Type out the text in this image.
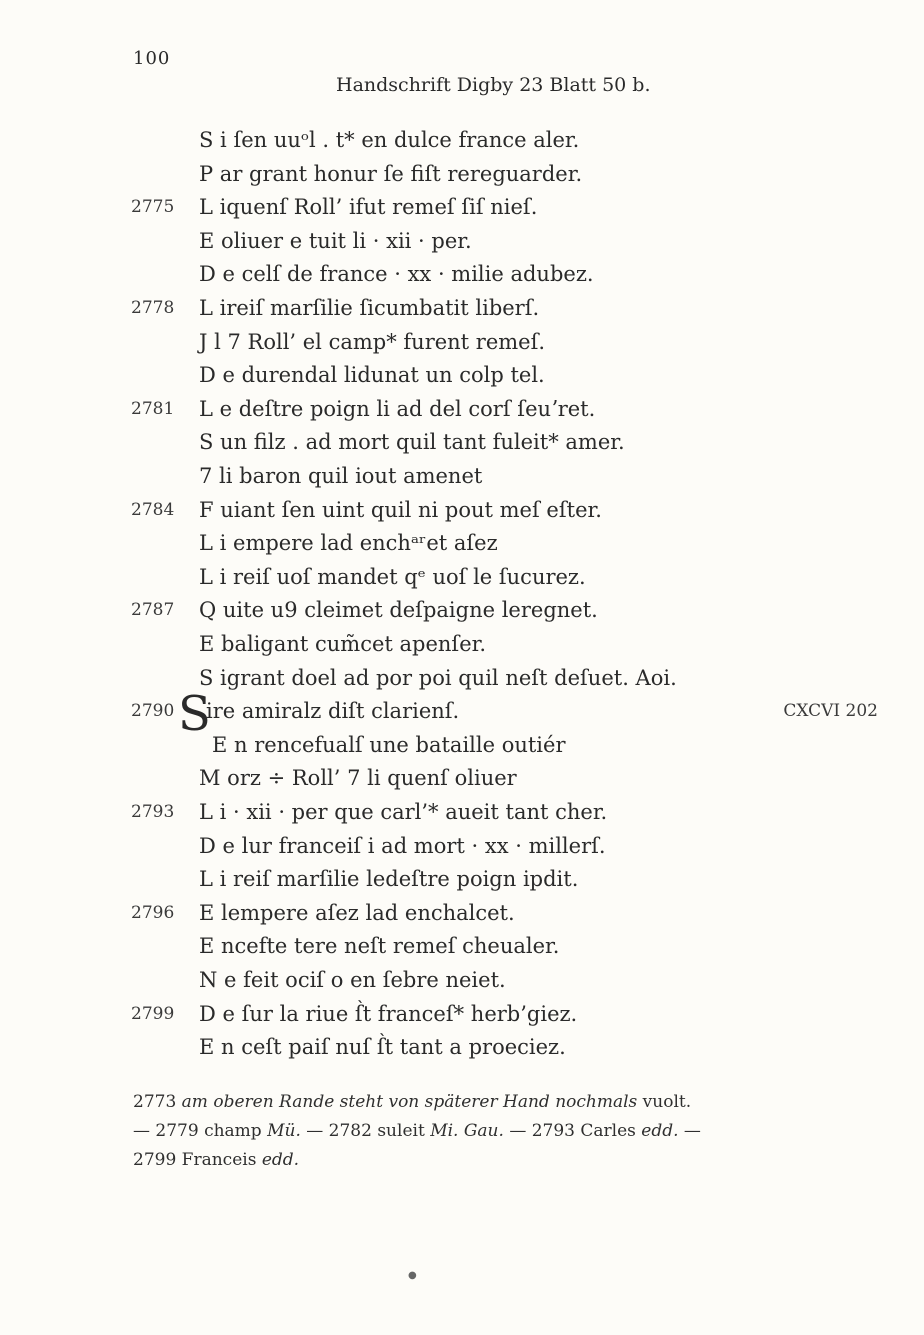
100
Handschrift Digby 23 Blatt 50 b.
S i ſen uuᵒl . t* en dulce france aler.
P ar grant honur ſe fiſt rereguarder.
2775 L iquenſ Roll’ ifut remeſ ſiſ nieſ.
E oliuer e tuit li · xii · per.
D e celſ de france · xx · milie adubez.
2778 L ireiſ marſilie ſicumbatit liberſ.
J l 7 Roll’ el camp* furent remeſ.
D e durendal lidunat un colp tel.
2781 L e deſtre poign li ad del corſ ſeuʼret.
S un filz . ad mort quil tant fuleit* amer.
7 li baron quil iout amenet
2784 F uiant ſen uint quil ni pout meſ eſter.
L i empere lad enchᵃʳet aſez
L i reiſ uoſ mandet qᵉ uoſ le ſucurez.
2787 Q uite u9 cleimet deſpaigne leregnet.
E baligant cum̃cet apenſer.
S igrant doel ad por poi quil neſt deſuet. Aoi.
2790 ire amiralz diſt clarienſ.	CXCVI 202
S
E n rencefualſ une bataille outiér
M orz ÷ Roll’ 7 li quenſ oliuer
2793 L i · xii · per que carl’* aueit tant cher.
D e lur franceiſ i ad mort · xx · millerſ.
L i reiſ marſilie ledeſtre poign ipdit.
2796 E lempere aſez lad enchalcet.
E ncefte tere neſt remeſ cheualer.
N e feit ociſ o en ſebre neiet.
2799 D e ſur la riue ſ̀t franceſ* herb’giez.
E n ceſt paiſ nuſ ſ̀t tant a proeciez.
2773 am oberen Rande steht von späterer Hand nochmals vuolt.
— 2779 champ Mü. — 2782 suleit Mi. Gau. — 2793 Carles edd. —
2799 Franceis edd.
●
